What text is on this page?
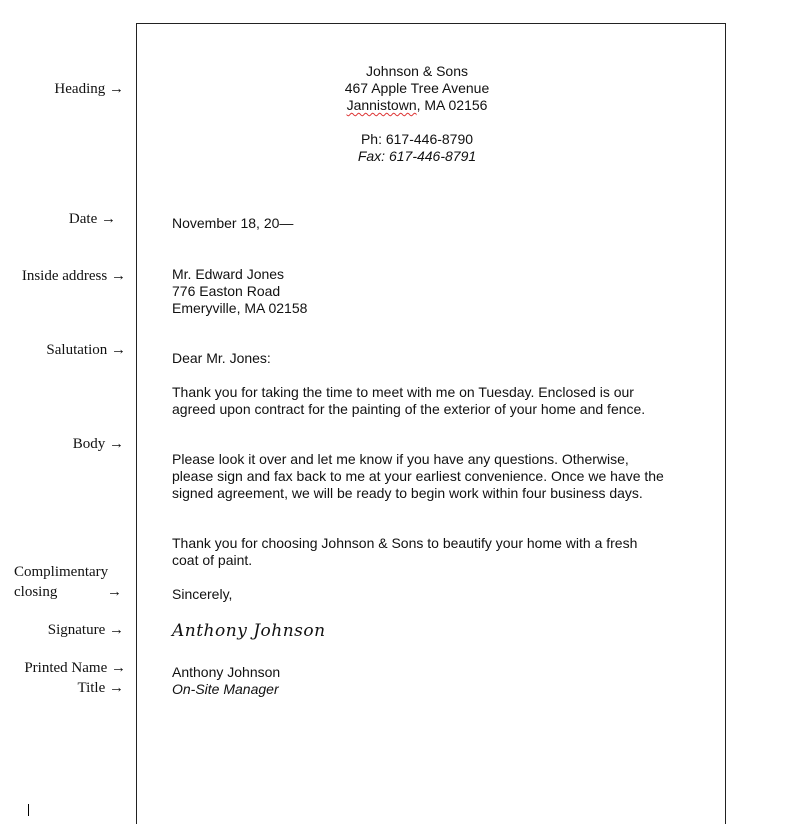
Heading →
Date →
Inside address →
Salutation →
Body →
Complimentary
closing	→
Signature →
Printed Name →
Title →
Johnson & Sons
467 Apple Tree Avenue
Jannistown, MA 02156
Ph: 617-446-8790
Fax: 617-446-8791
November 18, 20—
Mr. Edward Jones
776 Easton Road
Emeryville, MA 02158
Dear Mr. Jones:
Thank you for taking the time to meet with me on Tuesday. Enclosed is our agreed upon contract for the painting of the exterior of your home and fence.
Please look it over and let me know if you have any questions. Otherwise, please sign and fax back to me at your earliest convenience. Once we have the signed agreement, we will be ready to begin work within four business days.
Thank you for choosing Johnson & Sons to beautify your home with a fresh coat of paint.
Sincerely,
Anthony Johnson
Anthony Johnson
On-Site Manager
